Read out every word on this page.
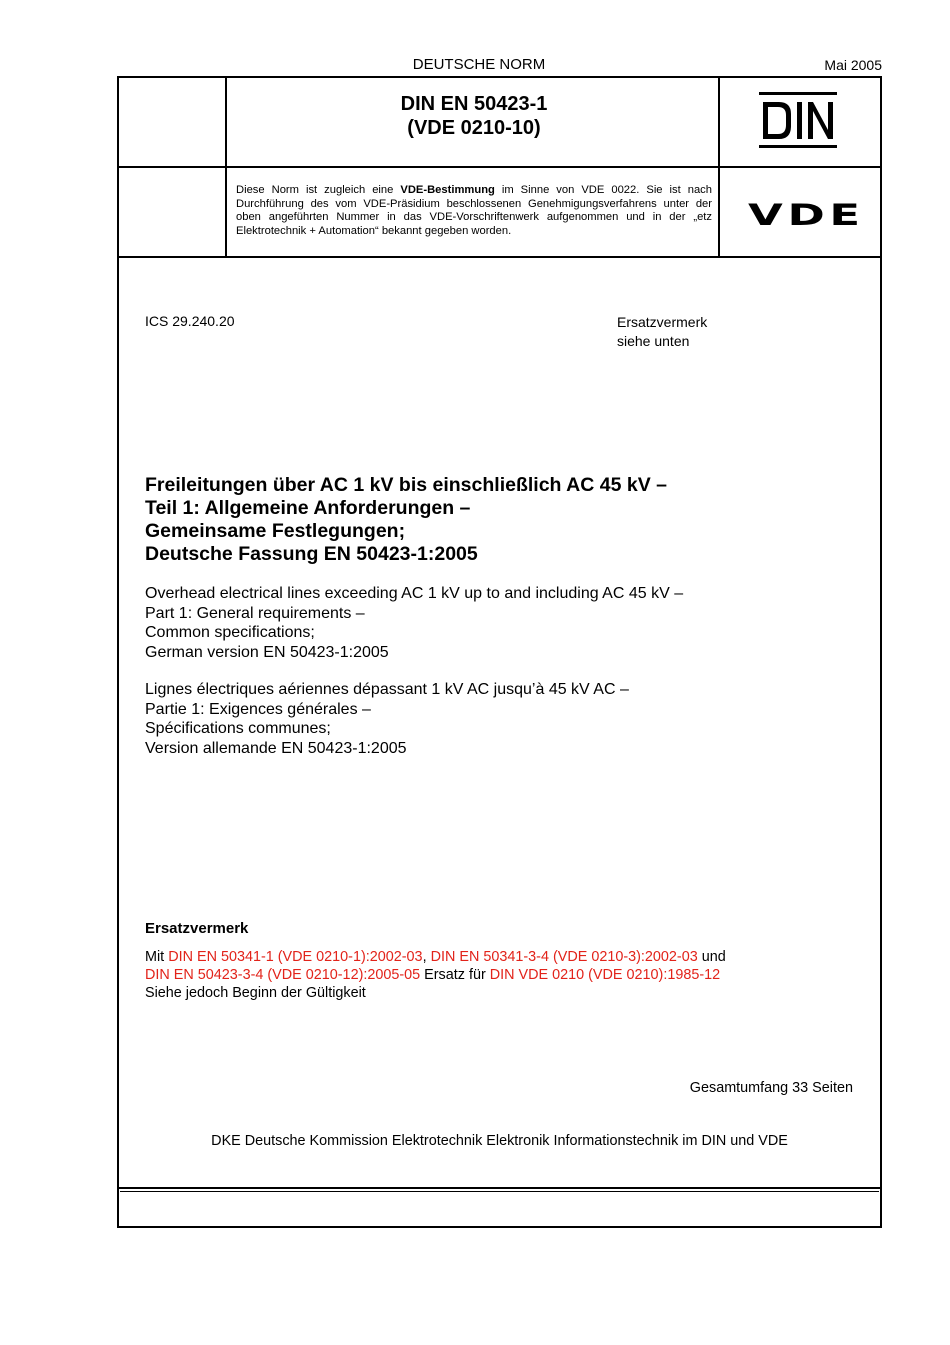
DEUTSCHE NORM	Mai 2005
DIN EN 50423-1
(VDE 0210-10)
VDE
Diese Norm ist zugleich eine VDE-Bestimmung im Sinne von VDE 0022. Sie ist nach Durchführung des vom VDE-Präsidium beschlossenen Genehmigungsverfahrens unter der oben angeführten Nummer in das VDE-Vorschriftenwerk aufgenommen und in der „etz Elektrotechnik + Automation“ bekannt gegeben worden.
ICS 29.240.20	Ersatzvermerk
siehe unten
Freileitungen über AC 1 kV bis einschließlich AC 45 kV –
Teil 1: Allgemeine Anforderungen –
Gemeinsame Festlegungen;
Deutsche Fassung EN 50423-1:2005
Overhead electrical lines exceeding AC 1 kV up to and including AC 45 kV –
Part 1: General requirements –
Common specifications;
German version EN 50423-1:2005
Lignes électriques aériennes dépassant 1 kV AC jusqu’à 45 kV AC –
Partie 1: Exigences générales –
Spécifications communes;
Version allemande EN 50423-1:2005
Ersatzvermerk
Mit DIN EN 50341-1 (VDE 0210-1):2002-03, DIN EN 50341-3-4 (VDE 0210-3):2002-03 und
DIN EN 50423-3-4 (VDE 0210-12):2005-05 Ersatz für DIN VDE 0210 (VDE 0210):1985-12
Siehe jedoch Beginn der Gültigkeit
Gesamtumfang 33 Seiten
DKE Deutsche Kommission Elektrotechnik Elektronik Informationstechnik im DIN und VDE
